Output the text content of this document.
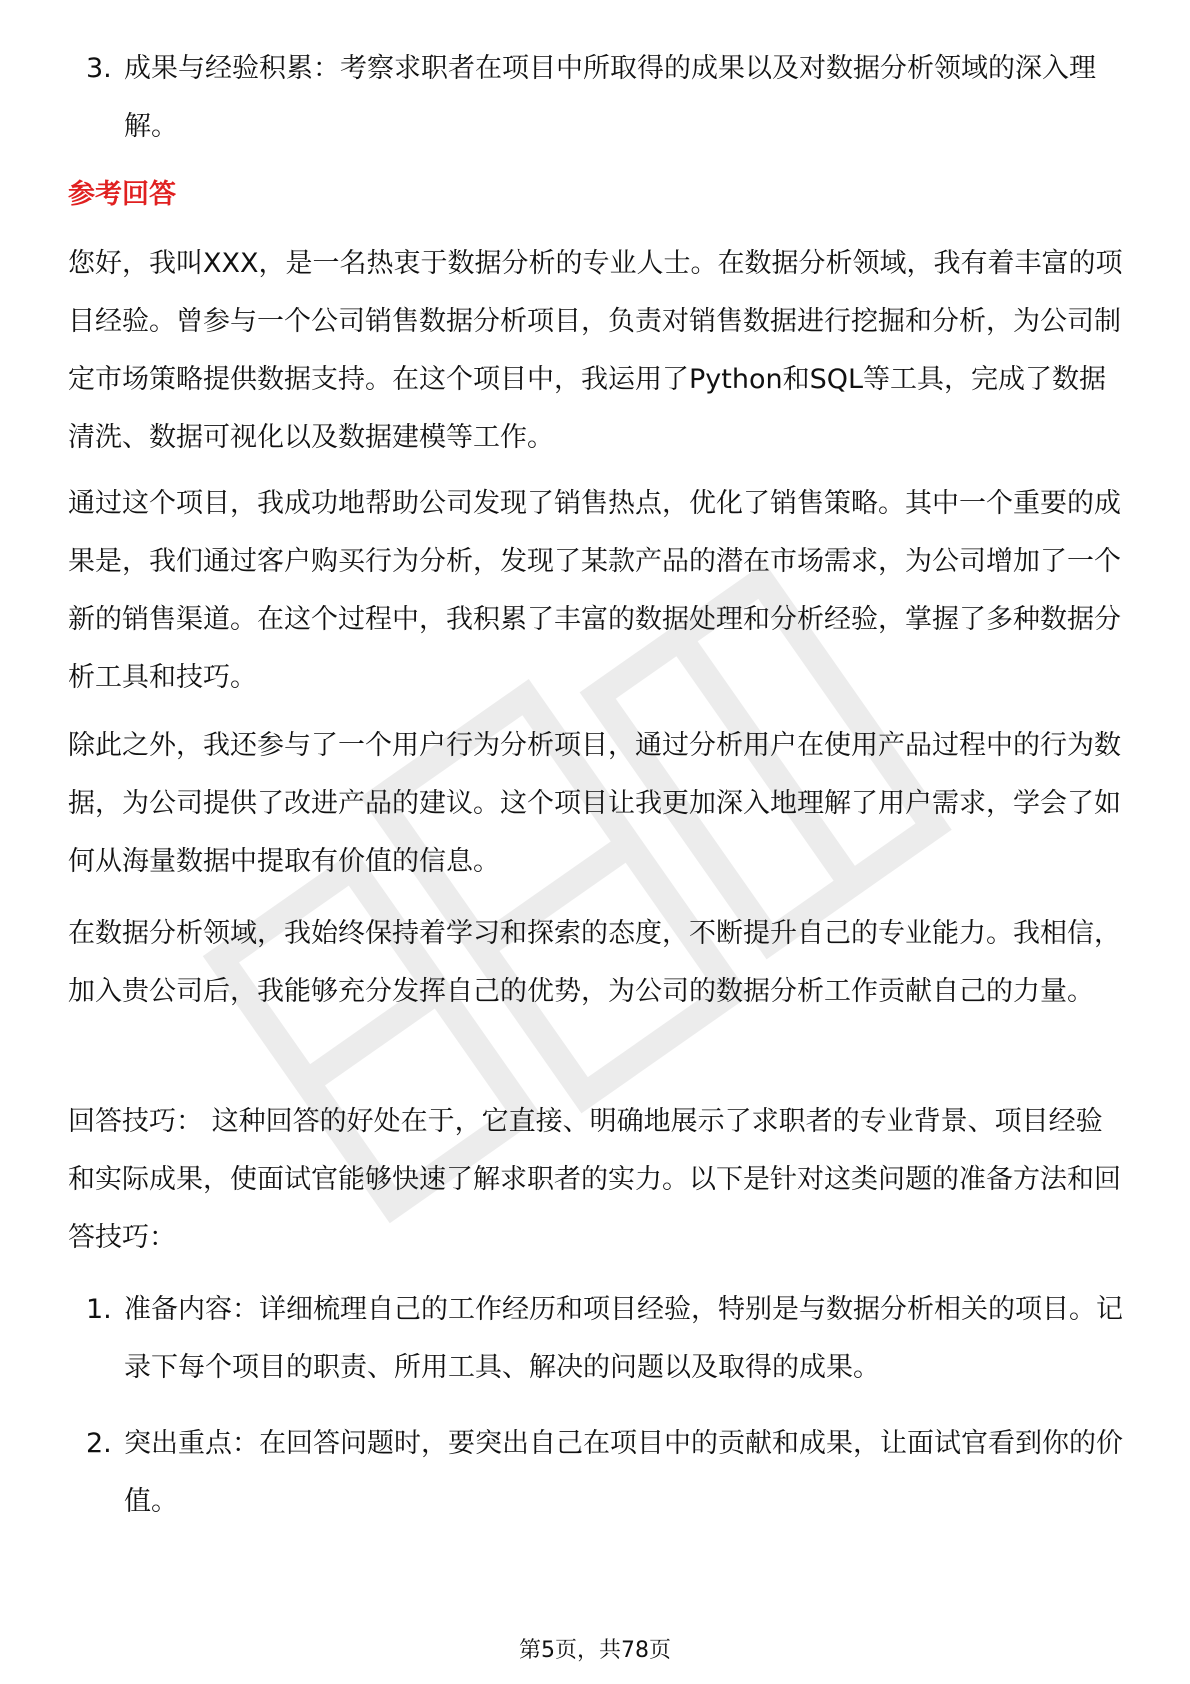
3. 成果与经验积累：考察求职者在项目中所取得的成果以及对数据分析领域的深入理解。
参考回答

您好，我叫XXX，是一名热衷于数据分析的专业人士。在数据分析领域，我有着丰富的项目经验。曾参与一个公司销售数据分析项目，负责对销售数据进行挖掘和分析，为公司制定市场策略提供数据支持。在这个项目中，我运用了Python和SQL等工具，完成了数据清洗、数据可视化以及数据建模等工作。

通过这个项目，我成功地帮助公司发现了销售热点，优化了销售策略。其中一个重要的成果是，我们通过客户购买行为分析，发现了某款产品的潜在市场需求，为公司增加了一个新的销售渠道。在这个过程中，我积累了丰富的数据处理和分析经验，掌握了多种数据分析工具和技巧。

除此之外，我还参与了一个用户行为分析项目，通过分析用户在使用产品过程中的行为数据，为公司提供了改进产品的建议。这个项目让我更加深入地理解了用户需求，学会了如何从海量数据中提取有价值的信息。

在数据分析领域，我始终保持着学习和探索的态度，不断提升自己的专业能力。我相信，加入贵公司后，我能够充分发挥自己的优势，为公司的数据分析工作贡献自己的力量。

回答技巧： 这种回答的好处在于，它直接、明确地展示了求职者的专业背景、项目经验和实际成果，使面试官能够快速了解求职者的实力。以下是针对这类问题的准备方法和回答技巧：

1. 准备内容：详细梳理自己的工作经历和项目经验，特别是与数据分析相关的项目。记录下每个项目的职责、所用工具、解决的问题以及取得的成果。
2. 突出重点：在回答问题时，要突出自己在项目中的贡献和成果，让面试官看到你的价值。
第5页，共78页
